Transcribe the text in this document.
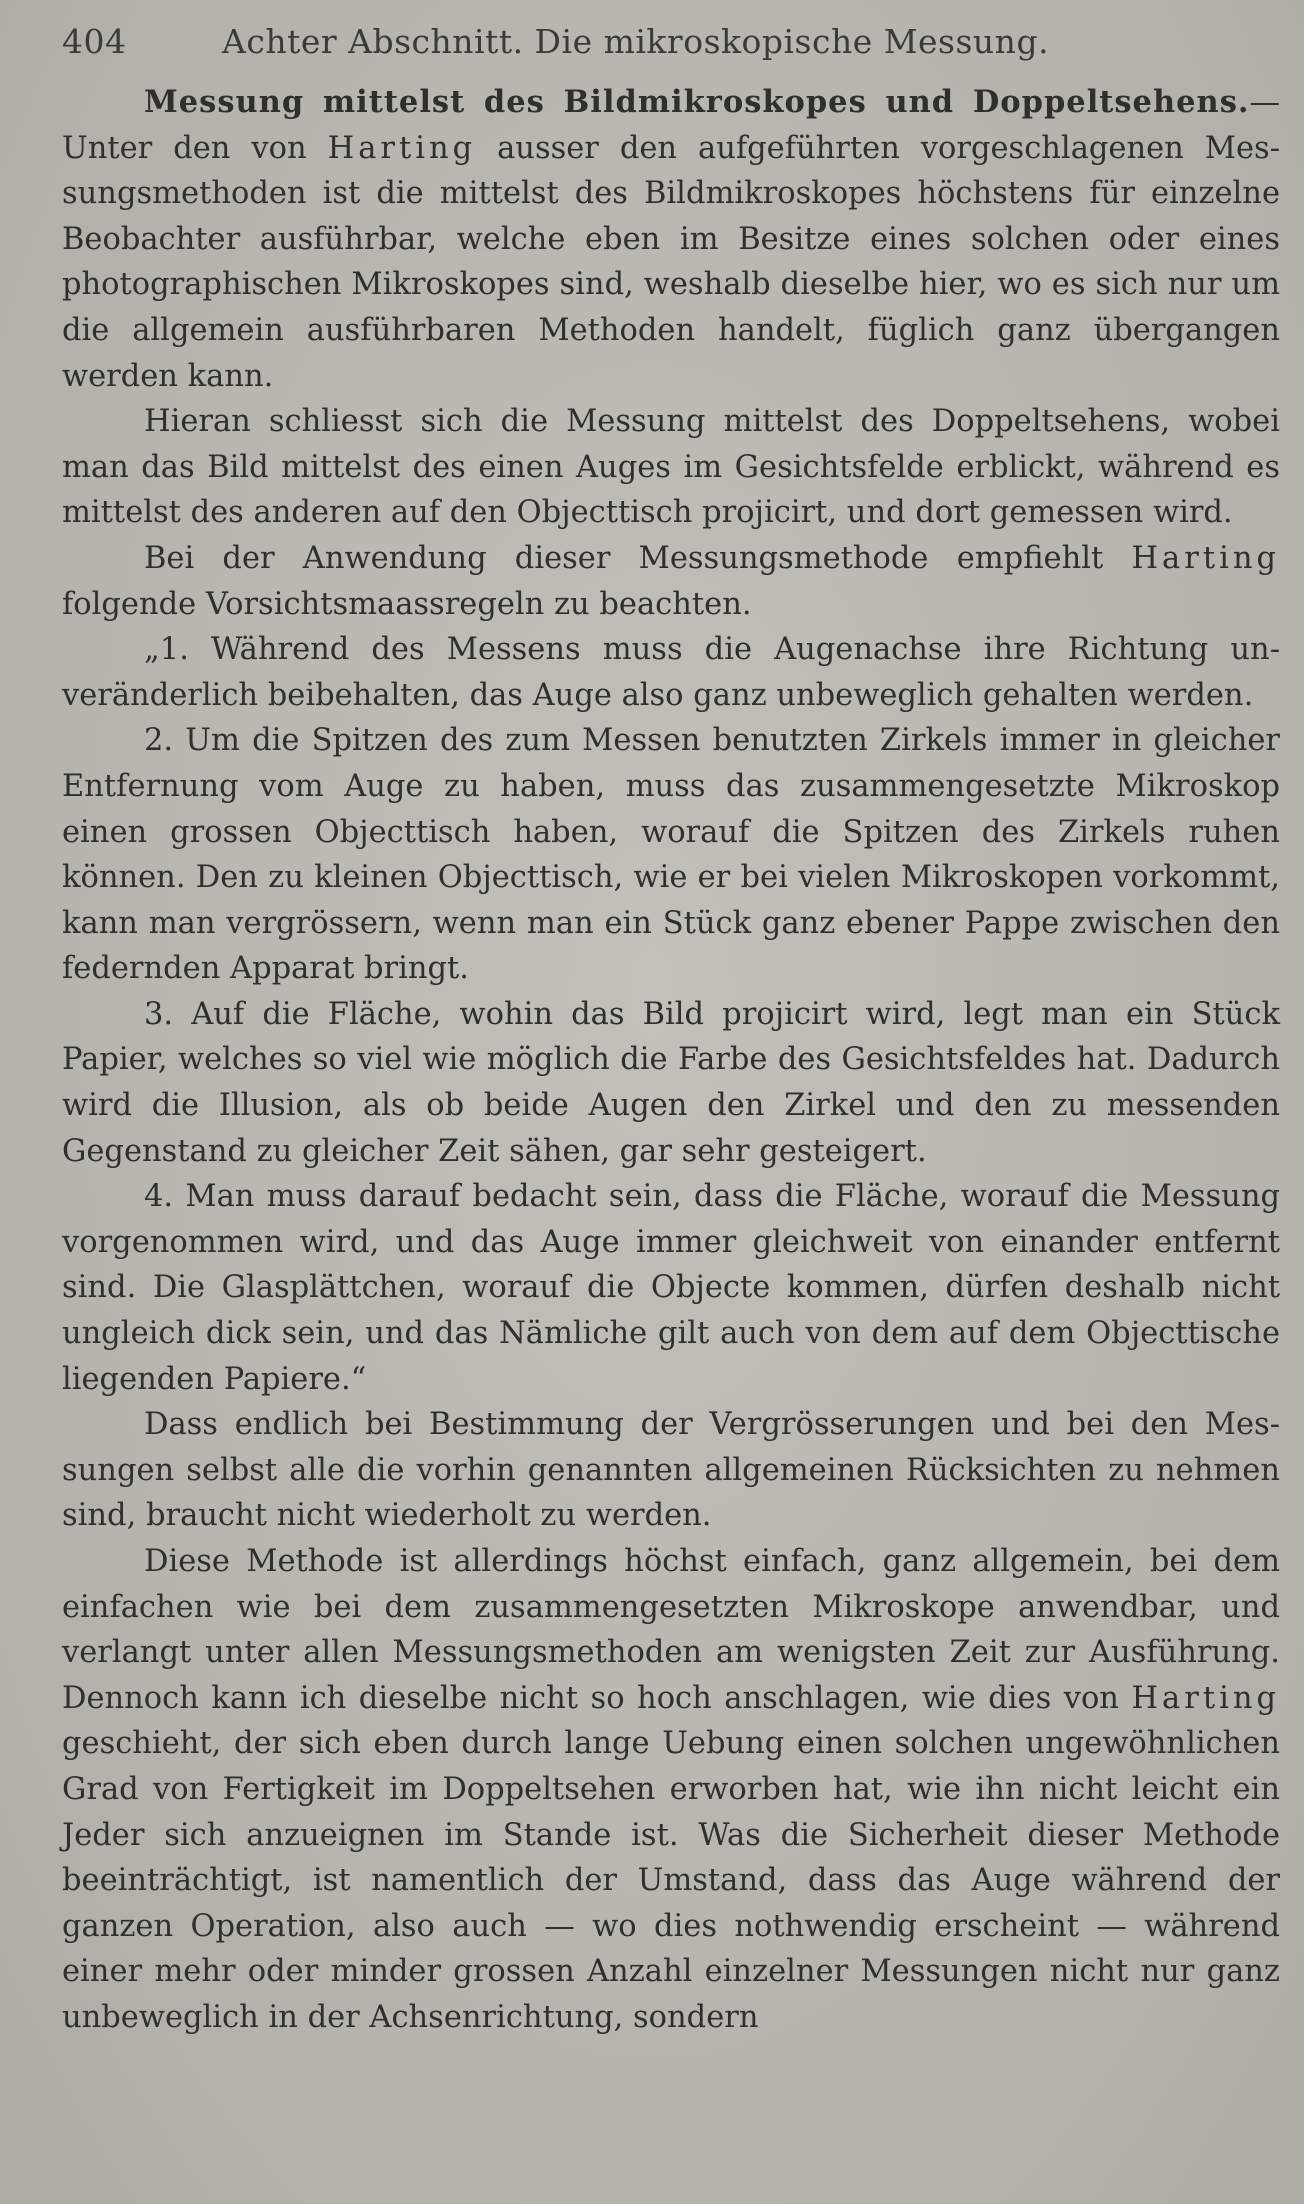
404	Achter Abschnitt. Die mikroskopische Messung.

Messung mittelst des Bildmikroskopes und Doppeltsehens.— Unter den von Harting ausser den aufgeführten vorgeschlagenen Messungsmethoden ist die mittelst des Bildmikroskopes höchstens für einzelne Beobachter ausführbar, welche eben im Besitze eines solchen oder eines photographischen Mikroskopes sind, weshalb dieselbe hier, wo es sich nur um die allgemein ausführbaren Methoden handelt, füglich ganz übergangen werden kann.

Hieran schliesst sich die Messung mittelst des Doppeltsehens, wobei man das Bild mittelst des einen Auges im Gesichtsfelde erblickt, während es mittelst des anderen auf den Objecttisch projicirt, und dort gemessen wird.

Bei der Anwendung dieser Messungsmethode empfiehlt Harting folgende Vorsichtsmaassregeln zu beachten.

„1. Während des Messens muss die Augenachse ihre Richtung unveränderlich beibehalten, das Auge also ganz unbeweglich gehalten werden.

2. Um die Spitzen des zum Messen benutzten Zirkels immer in gleicher Entfernung vom Auge zu haben, muss das zusammengesetzte Mikroskop einen grossen Objecttisch haben, worauf die Spitzen des Zirkels ruhen können. Den zu kleinen Objecttisch, wie er bei vielen Mikroskopen vorkommt, kann man vergrössern, wenn man ein Stück ganz ebener Pappe zwischen den federnden Apparat bringt.

3. Auf die Fläche, wohin das Bild projicirt wird, legt man ein Stück Papier, welches so viel wie möglich die Farbe des Gesichtsfeldes hat. Dadurch wird die Illusion, als ob beide Augen den Zirkel und den zu messenden Gegenstand zu gleicher Zeit sähen, gar sehr gesteigert.

4. Man muss darauf bedacht sein, dass die Fläche, worauf die Messung vorgenommen wird, und das Auge immer gleichweit von einander entfernt sind. Die Glasplättchen, worauf die Objecte kommen, dürfen deshalb nicht ungleich dick sein, und das Nämliche gilt auch von dem auf dem Objecttische liegenden Papiere.“

Dass endlich bei Bestimmung der Vergrösserungen und bei den Messungen selbst alle die vorhin genannten allgemeinen Rücksichten zu nehmen sind, braucht nicht wiederholt zu werden.

Diese Methode ist allerdings höchst einfach, ganz allgemein, bei dem einfachen wie bei dem zusammengesetzten Mikroskope anwendbar, und verlangt unter allen Messungsmethoden am wenigsten Zeit zur Ausführung. Dennoch kann ich dieselbe nicht so hoch anschlagen, wie dies von Harting geschieht, der sich eben durch lange Uebung einen solchen ungewöhnlichen Grad von Fertigkeit im Doppeltsehen erworben hat, wie ihn nicht leicht ein Jeder sich anzueignen im Stande ist. Was die Sicherheit dieser Methode beeinträchtigt, ist namentlich der Umstand, dass das Auge während der ganzen Operation, also auch — wo dies nothwendig erscheint — während einer mehr oder minder grossen Anzahl einzelner Messungen nicht nur ganz unbeweglich in der Achsenrichtung, sondern
